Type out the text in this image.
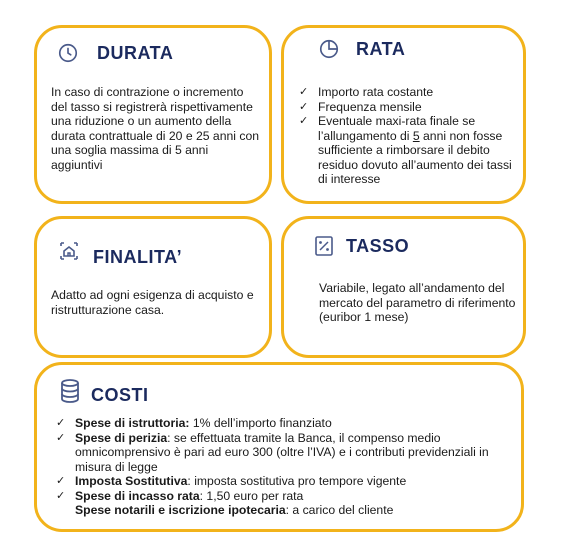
DURATA
In caso di contrazione o incremento del tasso si registrerà rispettivamente una riduzione o un aumento della durata contrattuale di 20 e 25 anni con una soglia massima di 5 anni aggiuntivi
RATA
✓ Importo rata costante
✓ Frequenza mensile
✓ Eventuale maxi-rata finale se l’allungamento di 5 anni non fosse sufficiente a rimborsare il debito residuo dovuto all’aumento dei tassi di interesse
FINALITA’
Adatto ad ogni esigenza di acquisto e ristrutturazione casa.
TASSO
Variabile, legato all’andamento del mercato del parametro di riferimento (euribor 1 mese)
COSTI
✓ Spese di istruttoria: 1% dell’importo finanziato
✓ Spese di perizia: se effettuata tramite la Banca, il compenso medio omnicomprensivo è pari ad euro 300 (oltre l’IVA) e i contributi previdenziali in misura di legge
✓ Imposta Sostitutiva: imposta sostitutiva pro tempore vigente
✓ Spese di incasso rata: 1,50 euro per rata
Spese notarili e iscrizione ipotecaria: a carico del cliente
